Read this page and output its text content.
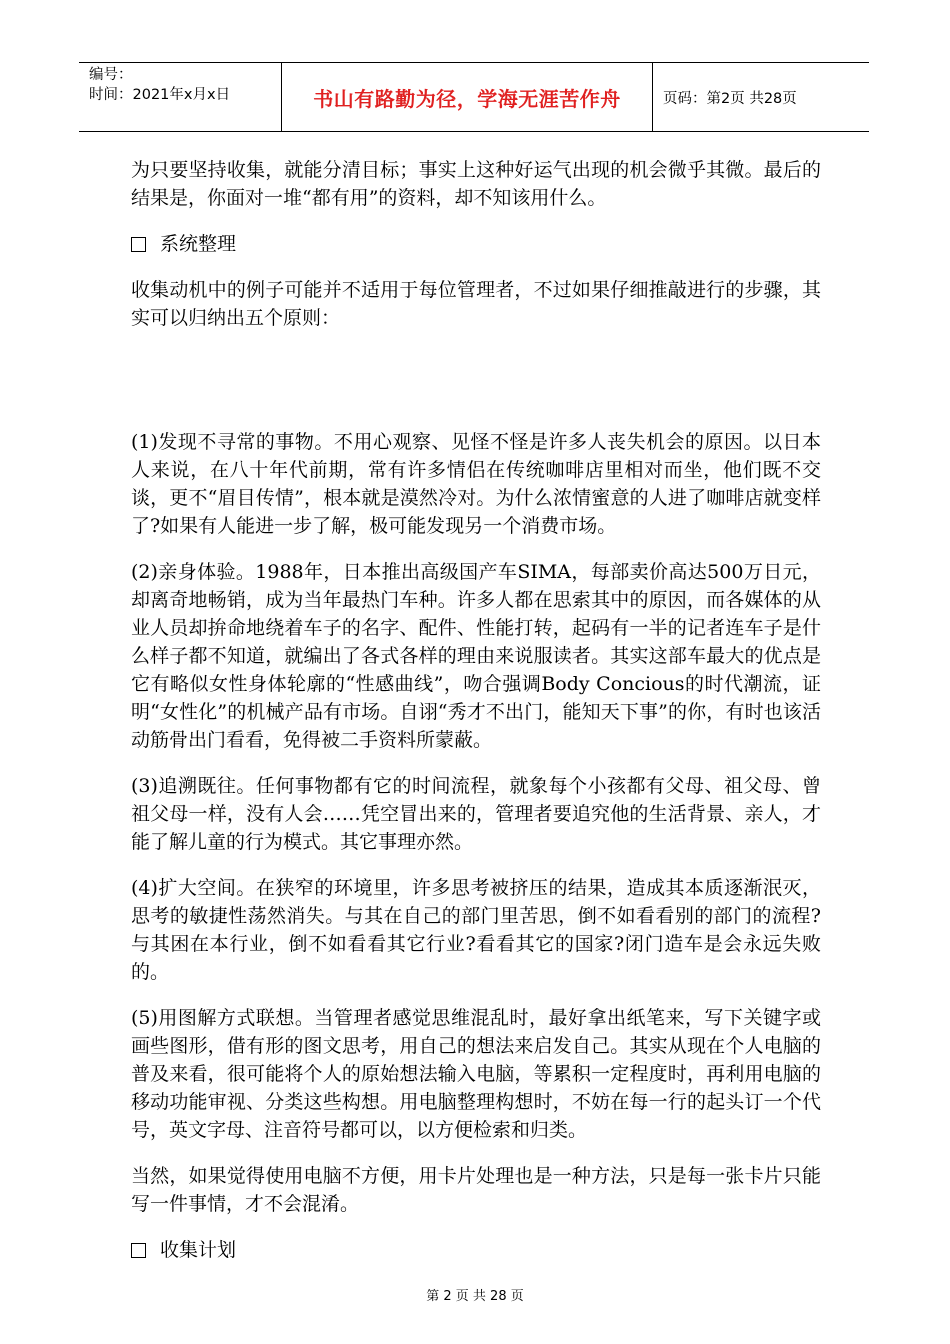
编号：
时间：2021年x月x日	书山有路勤为径，学海无涯苦作舟	页码：第2页 共28页

为只要坚持收集，就能分清目标；事实上这种好运气出现的机会微乎其微。最后的结果是，你面对一堆“都有用”的资料，却不知该用什么。

系统整理

收集动机中的例子可能并不适用于每位管理者，不过如果仔细推敲进行的步骤，其实可以归纳出五个原则：

(1)发现不寻常的事物。不用心观察、见怪不怪是许多人丧失机会的原因。以日本人来说，在八十年代前期，常有许多情侣在传统咖啡店里相对而坐，他们既不交谈，更不“眉目传情”，根本就是漠然冷对。为什么浓情蜜意的人进了咖啡店就变样了?如果有人能进一步了解，极可能发现另一个消费市场。

(2)亲身体验。1988年，日本推出高级国产车SIMA，每部卖价高达500万日元，却离奇地畅销，成为当年最热门车种。许多人都在思索其中的原因，而各媒体的从业人员却拚命地绕着车子的名字、配件、性能打转，起码有一半的记者连车子是什么样子都不知道，就编出了各式各样的理由来说服读者。其实这部车最大的优点是它有略似女性身体轮廓的“性感曲线”，吻合强调Body Concious的时代潮流，证明“女性化”的机械产品有市场。自诩“秀才不出门，能知天下事”的你，有时也该活动筋骨出门看看，免得被二手资料所蒙蔽。

(3)追溯既往。任何事物都有它的时间流程，就象每个小孩都有父母、祖父母、曾祖父母一样，没有人会……凭空冒出来的，管理者要追究他的生活背景、亲人，才能了解儿童的行为模式。其它事理亦然。

(4)扩大空间。在狭窄的环境里，许多思考被挤压的结果，造成其本质逐渐泯灭，思考的敏捷性荡然消失。与其在自己的部门里苦思，倒不如看看别的部门的流程?与其困在本行业，倒不如看看其它行业?看看其它的国家?闭门造车是会永远失败的。

(5)用图解方式联想。当管理者感觉思维混乱时，最好拿出纸笔来，写下关键字或画些图形，借有形的图文思考，用自己的想法来启发自己。其实从现在个人电脑的普及来看，很可能将个人的原始想法输入电脑，等累积一定程度时，再利用电脑的移动功能审视、分类这些构想。用电脑整理构想时，不妨在每一行的起头订一个代号，英文字母、注音符号都可以，以方便检索和归类。

当然，如果觉得使用电脑不方便，用卡片处理也是一种方法，只是每一张卡片只能写一件事情，才不会混淆。

收集计划
第 2 页 共 28 页
